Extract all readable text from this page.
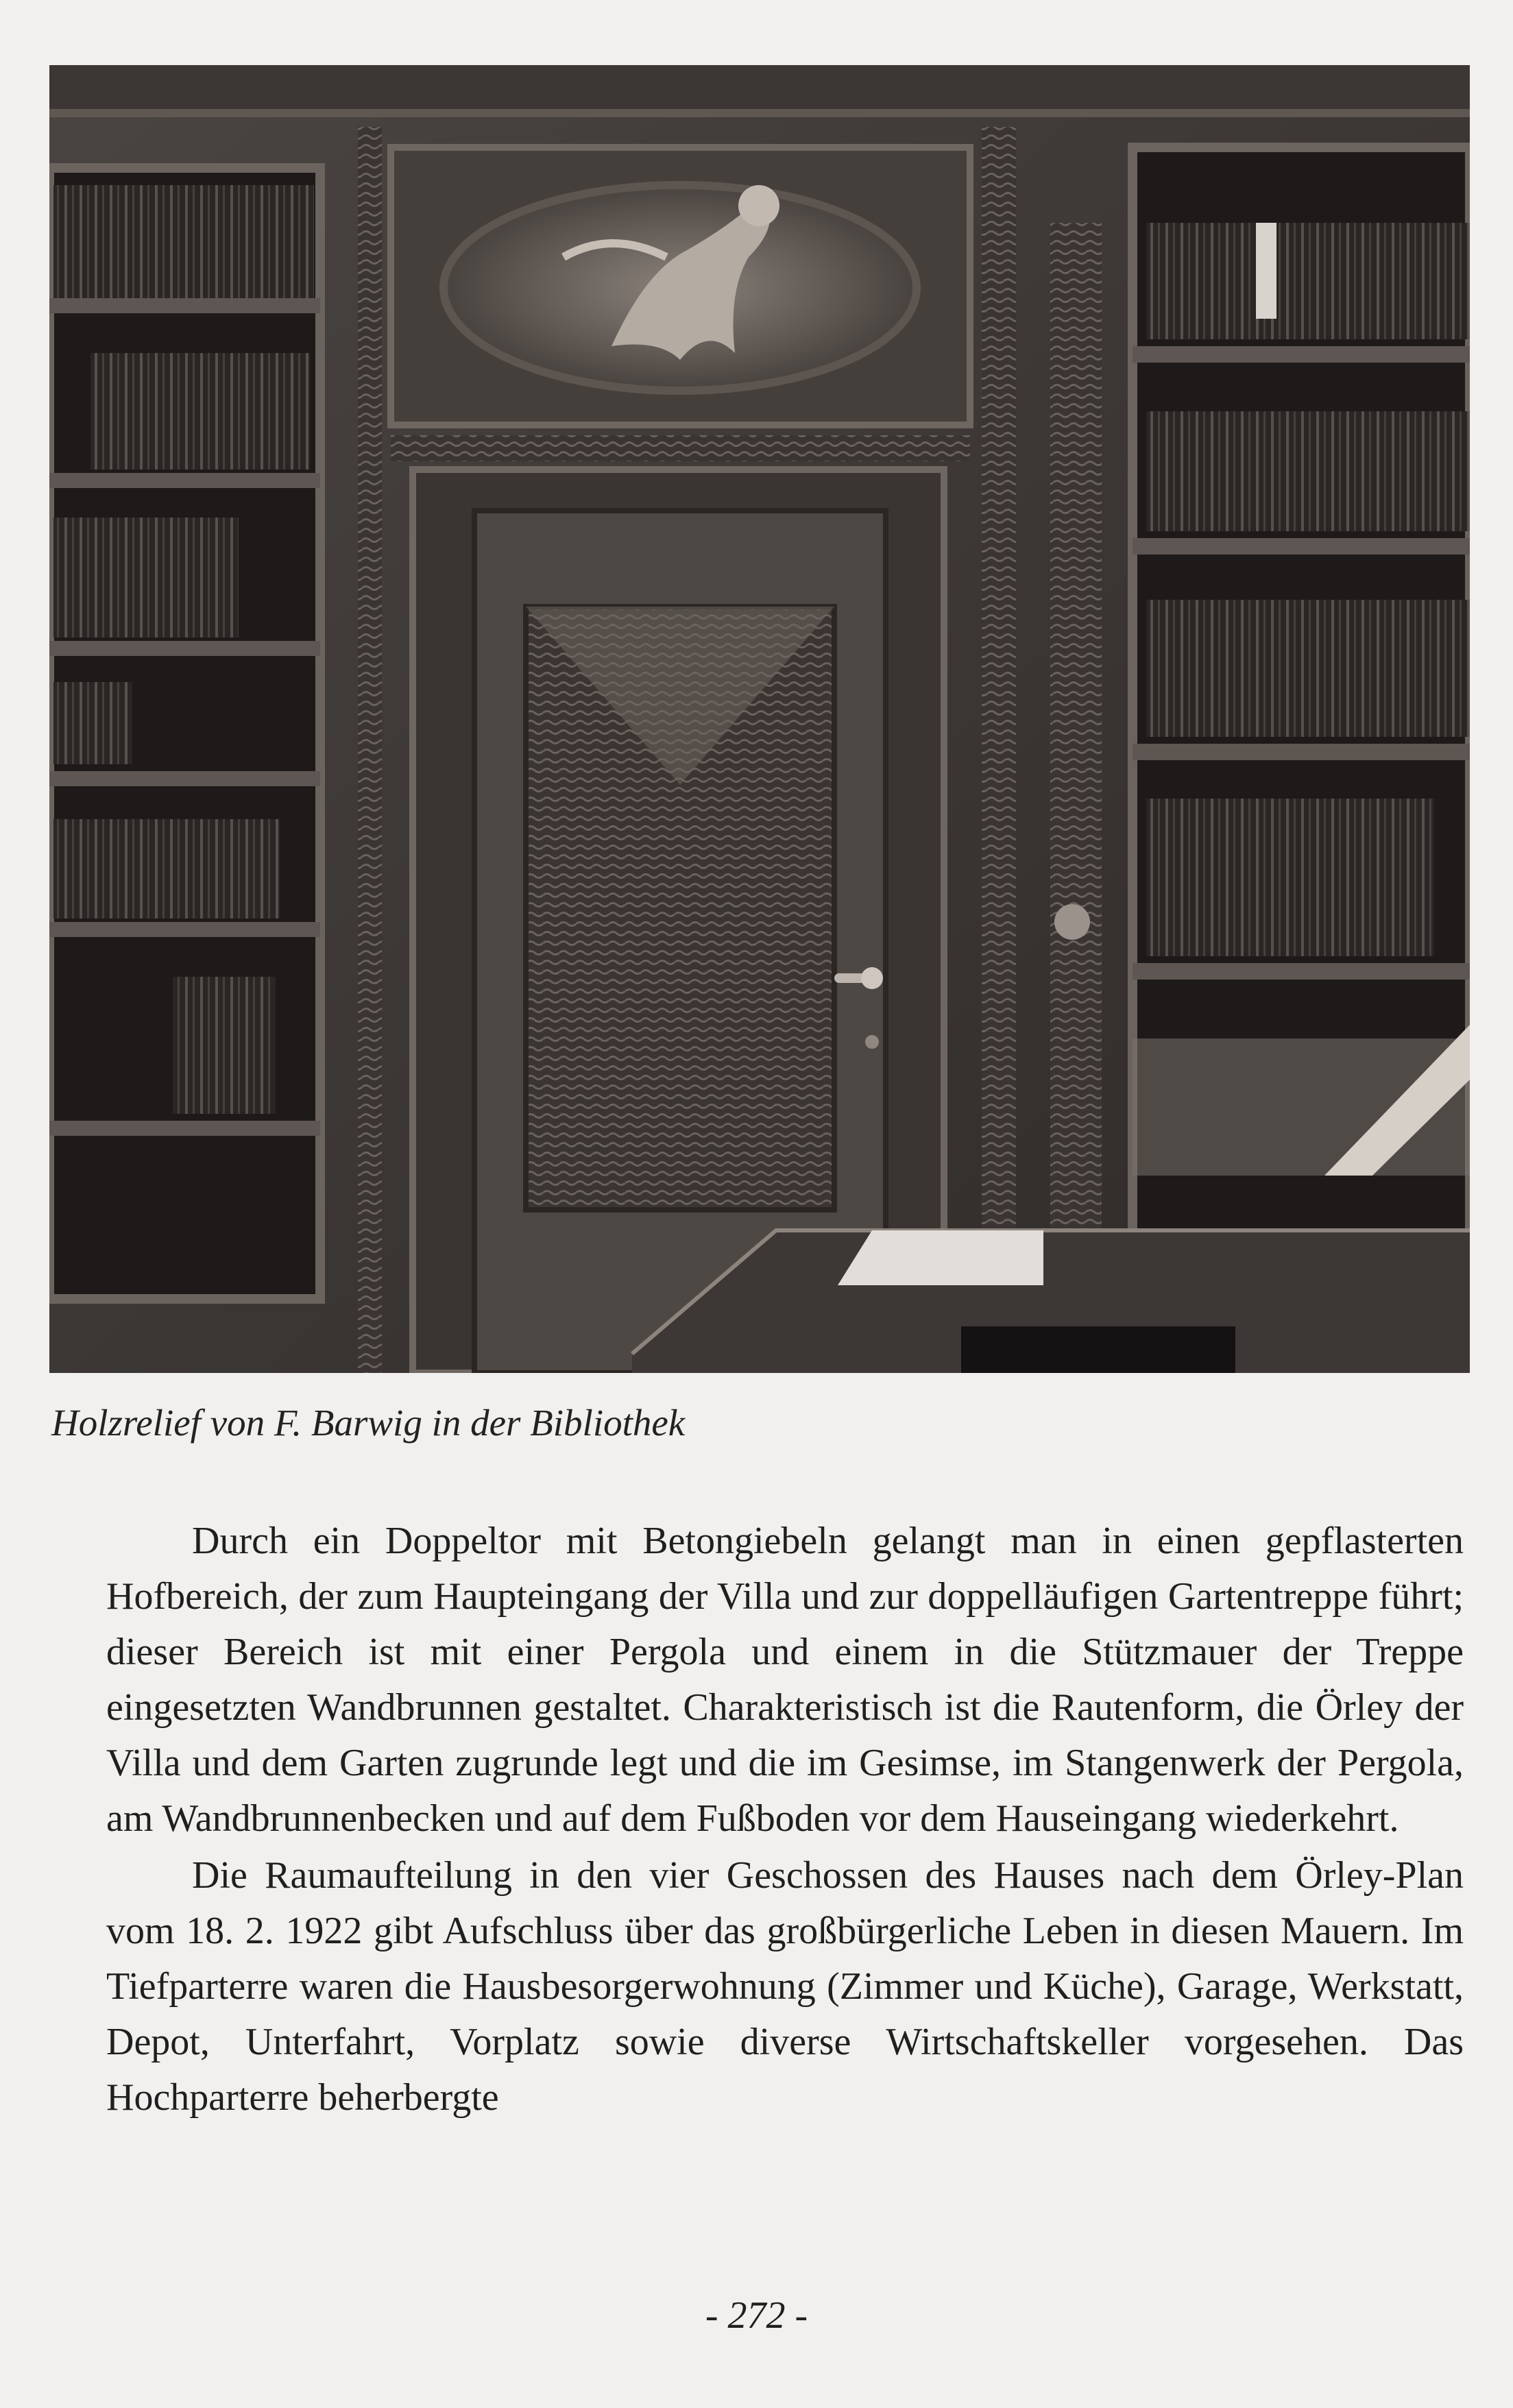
Holzrelief von F. Barwig in der Bibliothek

Durch ein Doppeltor mit Betongiebeln gelangt man in einen gepflasterten Hofbereich, der zum Haupteingang der Villa und zur doppelläufigen Gartentreppe führt; dieser Bereich ist mit einer Pergola und einem in die Stützmauer der Treppe eingesetzten Wandbrunnen gestaltet. Charakteristisch ist die Rautenform, die Örley der Villa und dem Garten zugrunde legt und die im Gesimse, im Stangenwerk der Pergola, am Wandbrunnenbecken und auf dem Fußboden vor dem Hauseingang wiederkehrt.

Die Raumaufteilung in den vier Geschossen des Hauses nach dem Örley-Plan vom 18. 2. 1922 gibt Aufschluss über das großbürgerliche Leben in diesen Mauern. Im Tiefparterre waren die Hausbesorgerwohnung (Zimmer und Küche), Garage, Werkstatt, Depot, Unterfahrt, Vorplatz sowie diverse Wirtschaftskeller vorgesehen. Das Hochparterre beherbergte

- 272 -
